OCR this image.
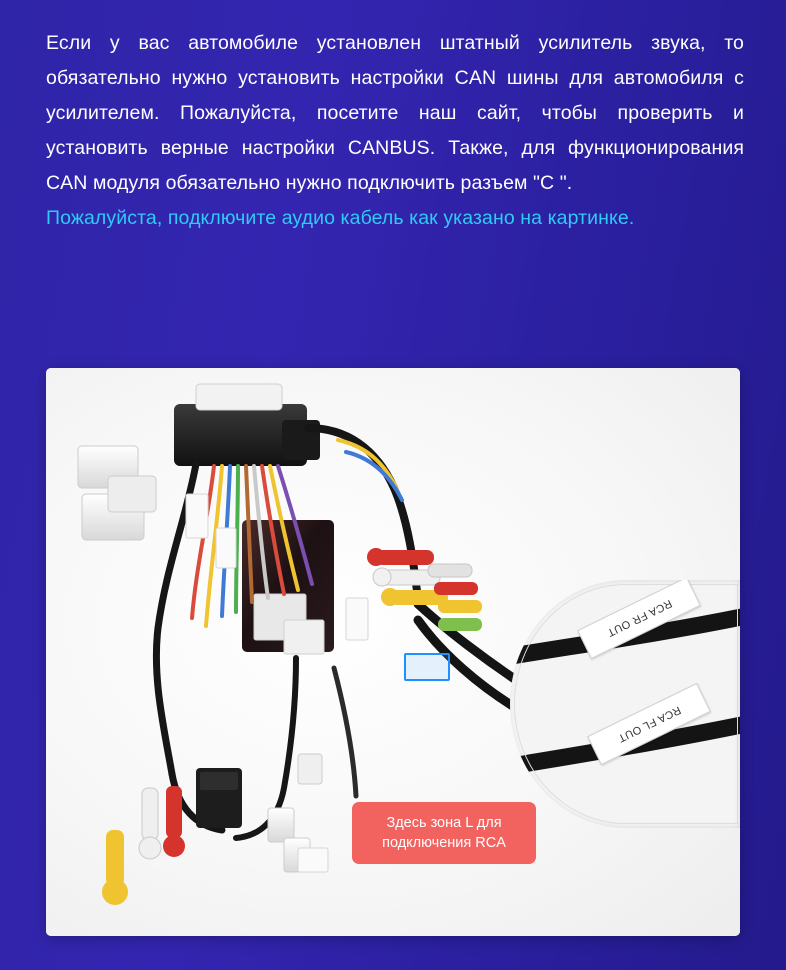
Если у вас автомобиле установлен штатный усилитель звука, то обязательно нужно установить настройки CAN шины для автомобиля с усилителем. Пожалуйста, посетите наш сайт, чтобы проверить и установить верные настройки CANBUS. Также, для функционирования CAN модуля обязательно нужно подключить разъем "C ".

Пожалуйста, подключите аудио кабель как указано на картинке.

RCA FR OUT
RCA FL OUT
Здесь зона L для
подключения RCA
